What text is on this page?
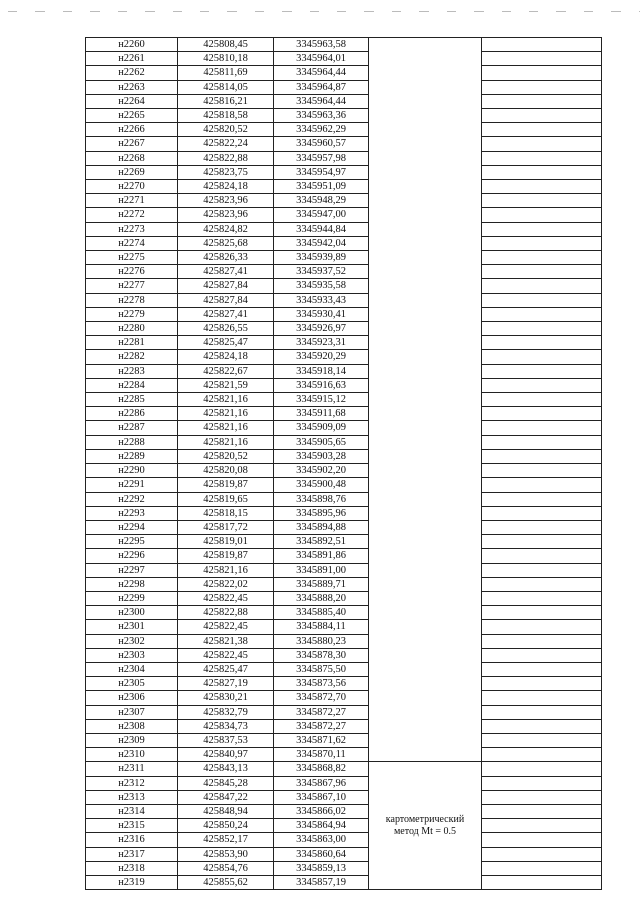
н2260	425808,45	3345963,58		
н2261	425810,18	3345964,01		
н2262	425811,69	3345964,44		
н2263	425814,05	3345964,87		
н2264	425816,21	3345964,44		
н2265	425818,58	3345963,36		
н2266	425820,52	3345962,29		
н2267	425822,24	3345960,57		
н2268	425822,88	3345957,98		
н2269	425823,75	3345954,97		
н2270	425824,18	3345951,09		
н2271	425823,96	3345948,29		
н2272	425823,96	3345947,00		
н2273	425824,82	3345944,84		
н2274	425825,68	3345942,04		
н2275	425826,33	3345939,89		
н2276	425827,41	3345937,52		
н2277	425827,84	3345935,58		
н2278	425827,84	3345933,43		
н2279	425827,41	3345930,41		
н2280	425826,55	3345926,97		
н2281	425825,47	3345923,31		
н2282	425824,18	3345920,29		
н2283	425822,67	3345918,14		
н2284	425821,59	3345916,63		
н2285	425821,16	3345915,12		
н2286	425821,16	3345911,68		
н2287	425821,16	3345909,09		
н2288	425821,16	3345905,65		
н2289	425820,52	3345903,28		
н2290	425820,08	3345902,20		
н2291	425819,87	3345900,48		
н2292	425819,65	3345898,76		
н2293	425818,15	3345895,96		
н2294	425817,72	3345894,88		
н2295	425819,01	3345892,51		
н2296	425819,87	3345891,86		
н2297	425821,16	3345891,00		
н2298	425822,02	3345889,71		
н2299	425822,45	3345888,20		
н2300	425822,88	3345885,40		
н2301	425822,45	3345884,11		
н2302	425821,38	3345880,23		
н2303	425822,45	3345878,30		
н2304	425825,47	3345875,50		
н2305	425827,19	3345873,56		
н2306	425830,21	3345872,70		
н2307	425832,79	3345872,27		
н2308	425834,73	3345872,27		
н2309	425837,53	3345871,62		
н2310	425840,97	3345870,11		
н2311	425843,13	3345868,82	картометрический
метод Mt = 0.5	

н2312	425845,28	3345867,96		
н2313	425847,22	3345867,10		
н2314	425848,94	3345866,02		
н2315	425850,24	3345864,94		
н2316	425852,17	3345863,00		
н2317	425853,90	3345860,64		
н2318	425854,76	3345859,13		
н2319	425855,62	3345857,19		
